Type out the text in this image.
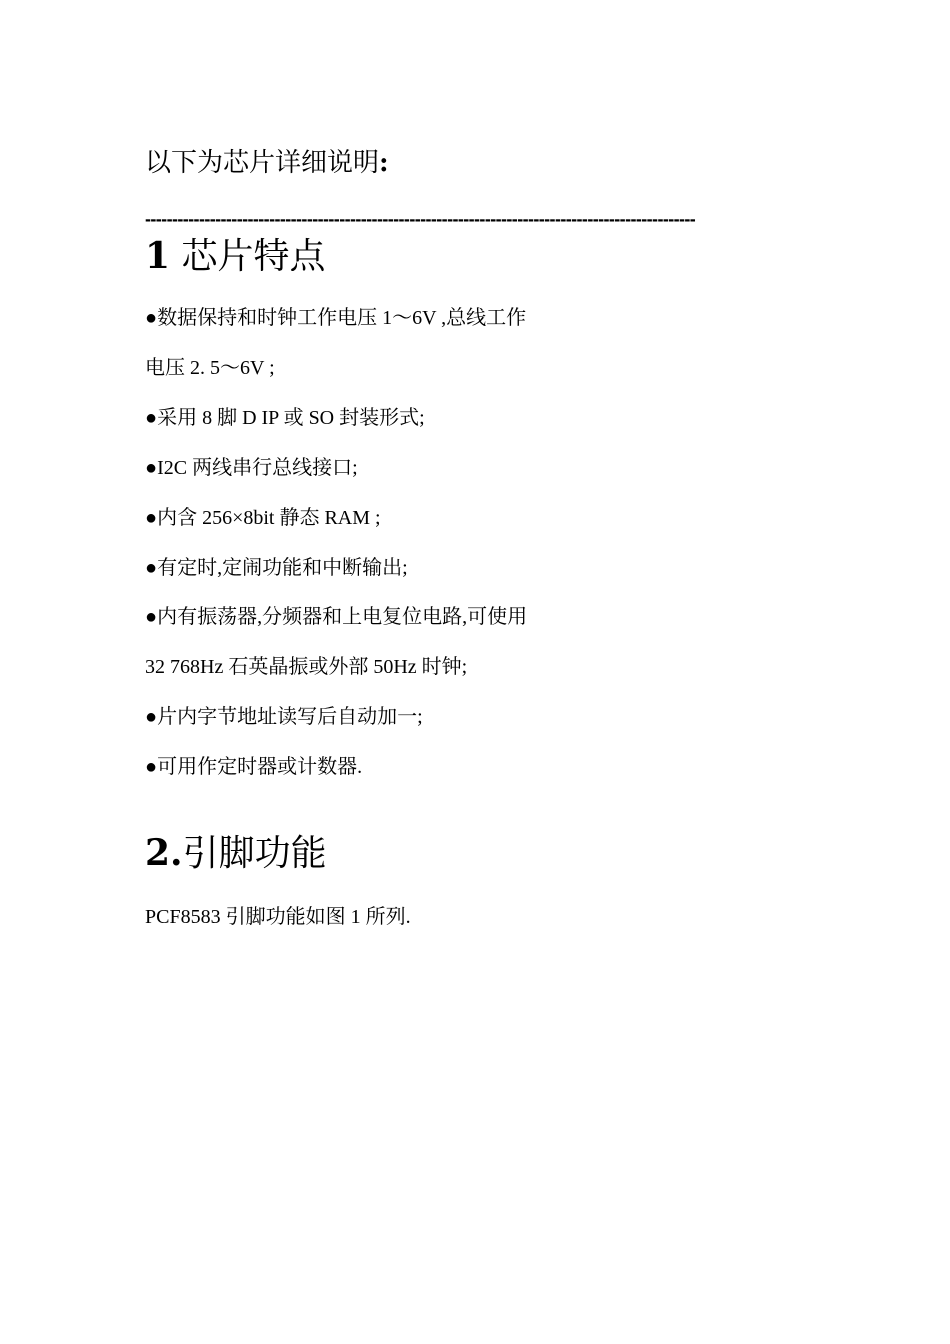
以下为芯片详细说明:
------------------------------------------------------------------------------------------------------
1 芯片特点
●数据保持和时钟工作电压 1～6V ,总线工作
电压 2. 5～6V ;
●采用 8 脚 D IP 或 SO 封装形式;
●I2C 两线串行总线接口;
●内含 256×8bit 静态 RAM ;
●有定时,定闹功能和中断输出;
●内有振荡器,分频器和上电复位电路,可使用
32 768Hz 石英晶振或外部 50Hz 时钟;
●片内字节地址读写后自动加一;
●可用作定时器或计数器.
2.引脚功能
PCF8583 引脚功能如图 1 所列.
